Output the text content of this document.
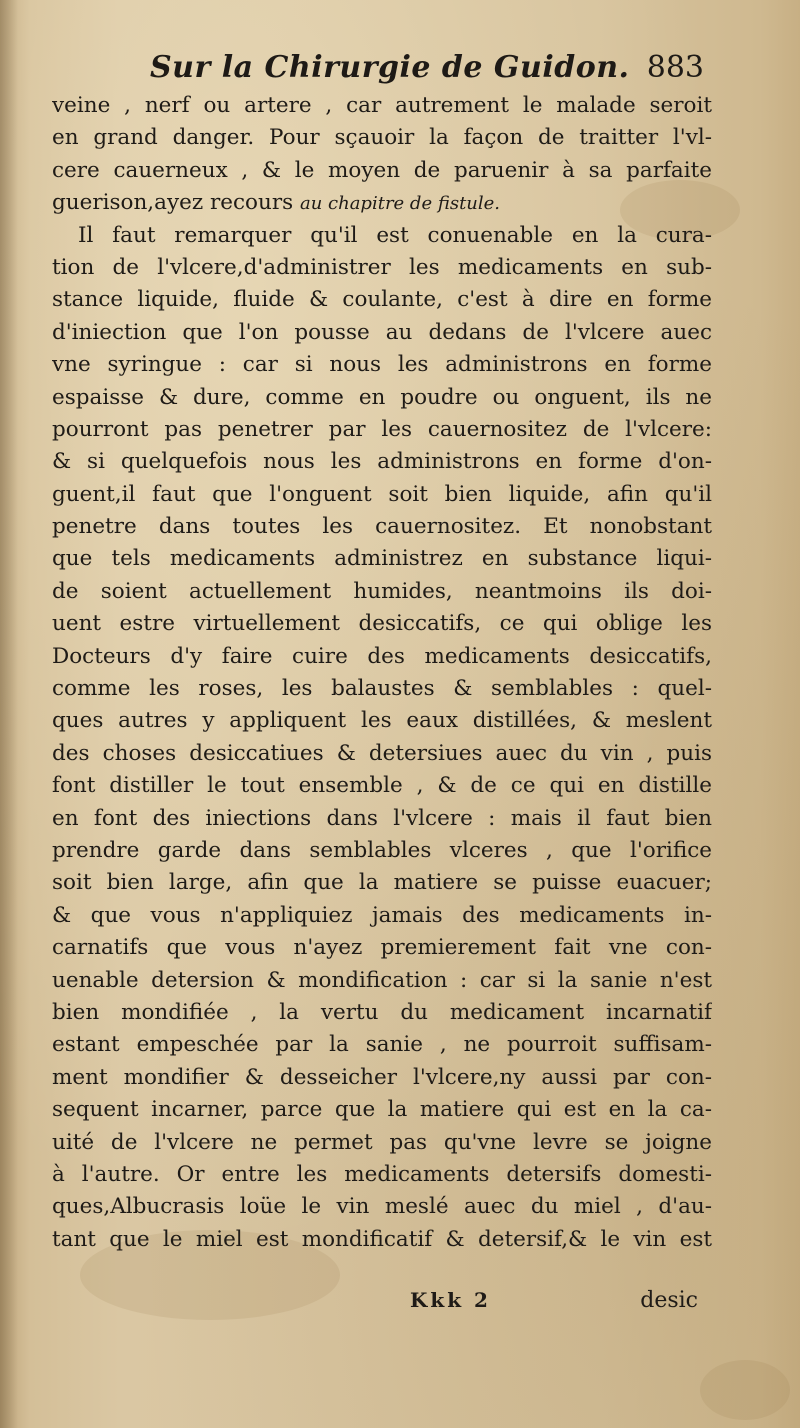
Sur la Chirurgie de Guidon. 883
veine , nerf ou artere , car autrement le malade seroit
en grand danger. Pour sçauoir la façon de traitter l'vl-
cere cauerneux , & le moyen de paruenir à sa parfaite
guerison,ayez recours au chapitre de fistule.
Il faut remarquer qu'il est conuenable en la cura-
tion de l'vlcere,d'administrer les medicaments en sub-
stance liquide, fluide & coulante, c'est à dire en forme
d'iniection que l'on pousse au dedans de l'vlcere auec
vne syringue : car si nous les administrons en forme
espaisse & dure, comme en poudre ou onguent, ils ne
pourront pas penetrer par les cauernositez de l'vlcere:
& si quelquefois nous les administrons en forme d'on-
guent,il faut que l'onguent soit bien liquide, afin qu'il
penetre dans toutes les cauernositez. Et nonobstant
que tels medicaments administrez en substance liqui-
de soient actuellement humides, neantmoins ils doi-
uent estre virtuellement desiccatifs, ce qui oblige les
Docteurs d'y faire cuire des medicaments desiccatifs,
comme les roses, les balaustes & semblables : quel-
ques autres y appliquent les eaux distillées, & meslent
des choses desiccatiues & detersiues auec du vin , puis
font distiller le tout ensemble , & de ce qui en distille
en font des iniections dans l'vlcere : mais il faut bien
prendre garde dans semblables vlceres , que l'orifice
soit bien large, afin que la matiere se puisse euacuer;
& que vous n'appliquiez jamais des medicaments in-
carnatifs que vous n'ayez premierement fait vne con-
uenable detersion & mondification : car si la sanie n'est
bien mondifiée , la vertu du medicament incarnatif
estant empeschée par la sanie , ne pourroit suffisam-
ment mondifier & desseicher l'vlcere,ny aussi par con-
sequent incarner, parce que la matiere qui est en la ca-
uité de l'vlcere ne permet pas qu'vne levre se joigne
à l'autre. Or entre les medicaments detersifs domesti-
ques,Albucrasis loüe le vin meslé auec du miel , d'au-
tant que le miel est mondificatif & detersif,& le vin est
Kkk 2	desic
